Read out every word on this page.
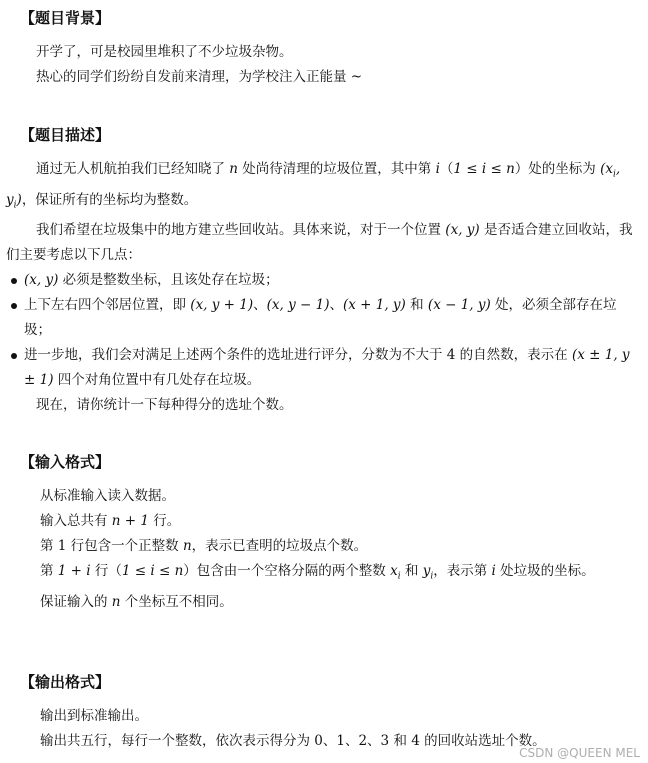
【题目背景】

开学了，可是校园里堆积了不少垃圾杂物。

热心的同学们纷纷自发前来清理，为学校注入正能量 ~

【题目描述】

通过无人机航拍我们已经知晓了 n 处尚待清理的垃圾位置，其中第 i（1 ≤ i ≤ n）处的坐标为 ($x_i$, $y_i$)，保证所有的坐标均为整数。

我们希望在垃圾集中的地方建立些回收站。具体来说，对于一个位置 (x, y) 是否适合建立回收站，我们主要考虑以下几点：

(x, y) 必须是整数坐标，且该处存在垃圾；
上下左右四个邻居位置，即 (x, y + 1)、(x, y − 1)、(x + 1, y) 和 (x − 1, y) 处，必须全部存在垃圾；
进一步地，我们会对满足上述两个条件的选址进行评分，分数为不大于 4 的自然数，表示在 (x ± 1, y ± 1) 四个对角位置中有几处存在垃圾。

现在，请你统计一下每种得分的选址个数。

【输入格式】

从标准输入读入数据。

输入总共有 n + 1 行。

第 1 行包含一个正整数 n，表示已查明的垃圾点个数。

第 1 + i 行（1 ≤ i ≤ n）包含由一个空格分隔的两个整数 $x_i$ 和 $y_i$，表示第 i 处垃圾的坐标。

保证输入的 n 个坐标互不相同。

【输出格式】

输出到标准输出。

输出共五行，每行一个整数，依次表示得分为 0、1、2、3 和 4 的回收站选址个数。

CSDN @QUEEN MEL
